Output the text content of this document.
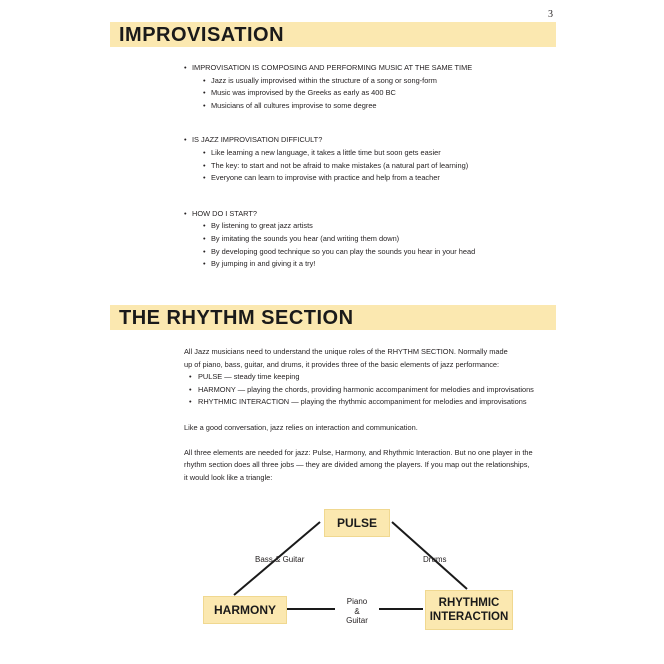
3
IMPROVISATION
• IMPROVISATION IS COMPOSING AND PERFORMING MUSIC AT THE SAME TIME
• Jazz is usually improvised within the structure of a song or song-form
• Music was improvised by the Greeks as early as 400 BC
• Musicians of all cultures improvise to some degree
• IS JAZZ IMPROVISATION DIFFICULT?
• Like learning a new language, it takes a little time but soon gets easier
• The key: to start and not be afraid to make mistakes (a natural part of learning)
• Everyone can learn to improvise with practice and help from a teacher
• HOW DO I START?
• By listening to great jazz artists
• By imitating the sounds you hear (and writing them down)
• By developing good technique so you can play the sounds you hear in your head
• By jumping in and giving it a try!
THE RHYTHM SECTION

All Jazz musicians need to understand the unique roles of the RHYTHM SECTION. Normally made

up of piano, bass, guitar, and drums, it provides three of the basic elements of jazz performance:

• PULSE — steady time keeping
• HARMONY — playing the chords, providing harmonic accompaniment for melodies and improvisations
• RHYTHMIC INTERACTION — playing the rhythmic accompaniment for melodies and improvisations

Like a good conversation, jazz relies on interaction and communication.

All three elements are needed for jazz: Pulse, Harmony, and Rhythmic Interaction. But no one player in the

rhythm section does all three jobs — they are divided among the players. If you map out the relationships,

it would look like a triangle:

PULSE
HARMONY	RHYTHMIC
INTERACTION
Bass & Guitar	Drums
Piano
&
Guitar
